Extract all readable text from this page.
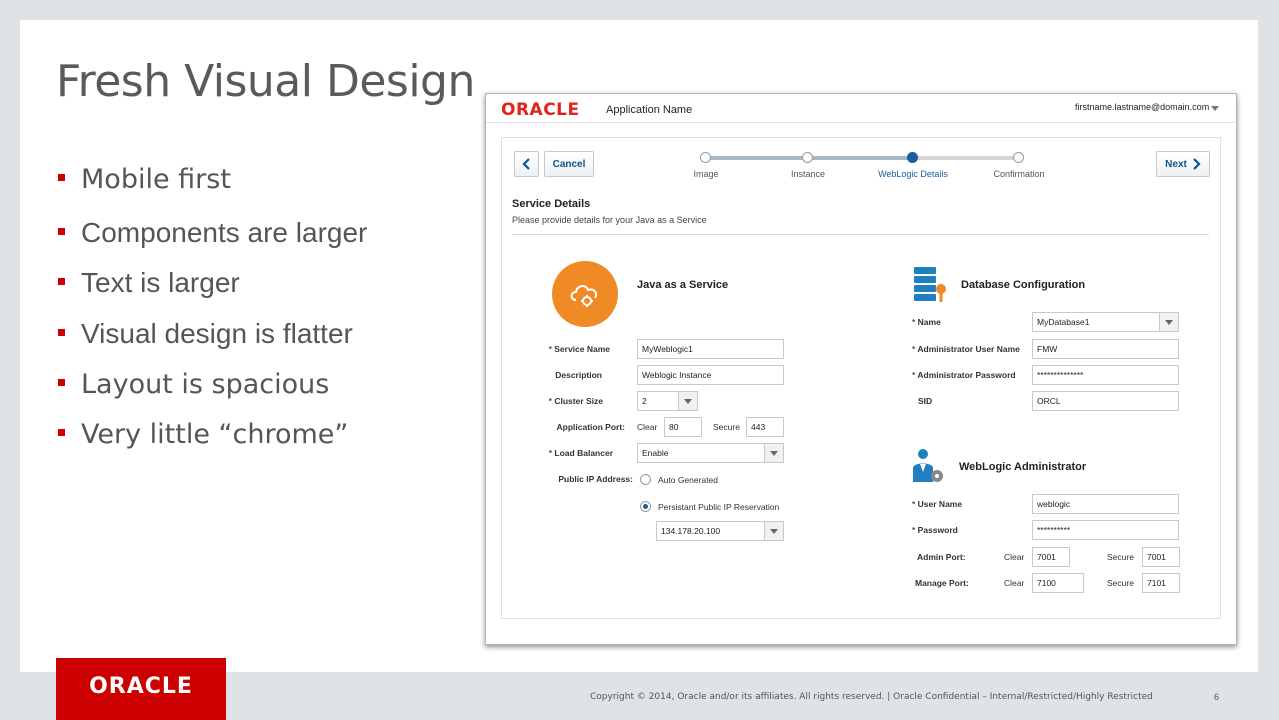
Fresh Visual Design
Mobile first
Components are larger
Text is larger
Visual design is flatter
Layout is spacious
Very little “chrome”
ORACLE	Copyright © 2014, Oracle and/or its affiliates. All rights reserved. | Oracle Confidential – Internal/Restricted/Highly Restricted	6
ORACLE Application Name	firstname.lastname@domain.com
Cancel	Next
Image	Instance	WebLogic Details	Confirmation
Service Details
Please provide details for your Java as a Service
Java as a Service
* Service Name	MyWeblogic1
Description	Weblogic Instance
* Cluster Size	2
Application Port: Clear	80	Secure	443
* Load Balancer	Enable
Public IP Address:	Auto Generated
Persistant Public IP Reservation
134.178.20.100
Database Configuration
* Name	MyDatabase1
* Administrator User Name	FMW
* Administrator Password	**************
SID	ORCL
WebLogic Administrator
* User Name	weblogic
* Password	**********
Admin Port:	Clear	7001	Secure	7001
Manage Port:	Clear	7100	Secure	7101
